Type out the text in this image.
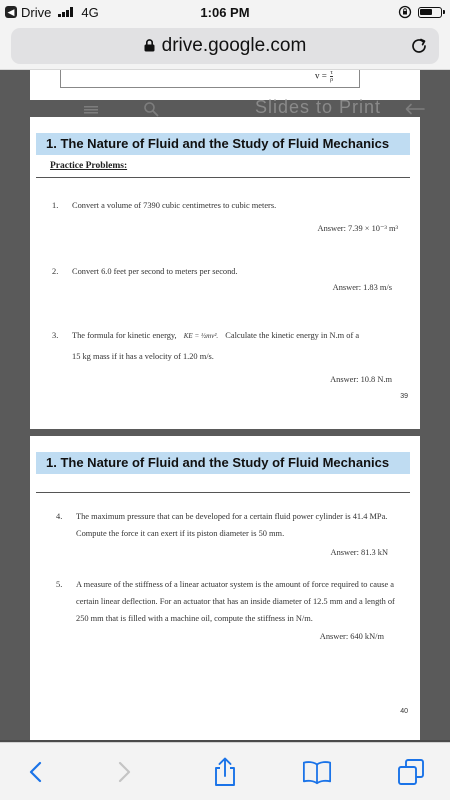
◀ Drive 4G	1:06 PM
drive.google.com
$v = \frac{\tau}{\rho}$
Slides to Print
1. The Nature of Fluid and the Study of Fluid Mechanics
Practice Problems:
1. Convert a volume of 7390 cubic centimetres to cubic meters.
Answer: 7.39 × 10⁻³ m³
2. Convert 6.0 feet per second to meters per second.
Answer: 1.83 m/s
3. The formula for kinetic energy, KE = ½mv². Calculate the kinetic energy in N.m of a
15 kg mass if it has a velocity of 1.20 m/s.
Answer: 10.8 N.m
39
1. The Nature of Fluid and the Study of Fluid Mechanics
4. The maximum pressure that can be developed for a certain fluid power cylinder is 41.4 MPa. Compute the force it can exert if its piston diameter is 50 mm.
Answer: 81.3 kN
5. A measure of the stiffness of a linear actuator system is the amount of force required to cause a certain linear deflection. For an actuator that has an inside diameter of 12.5 mm and a length of 250 mm that is filled with a machine oil, compute the stiffness in N/m.
Answer: 640 kN/m
40
